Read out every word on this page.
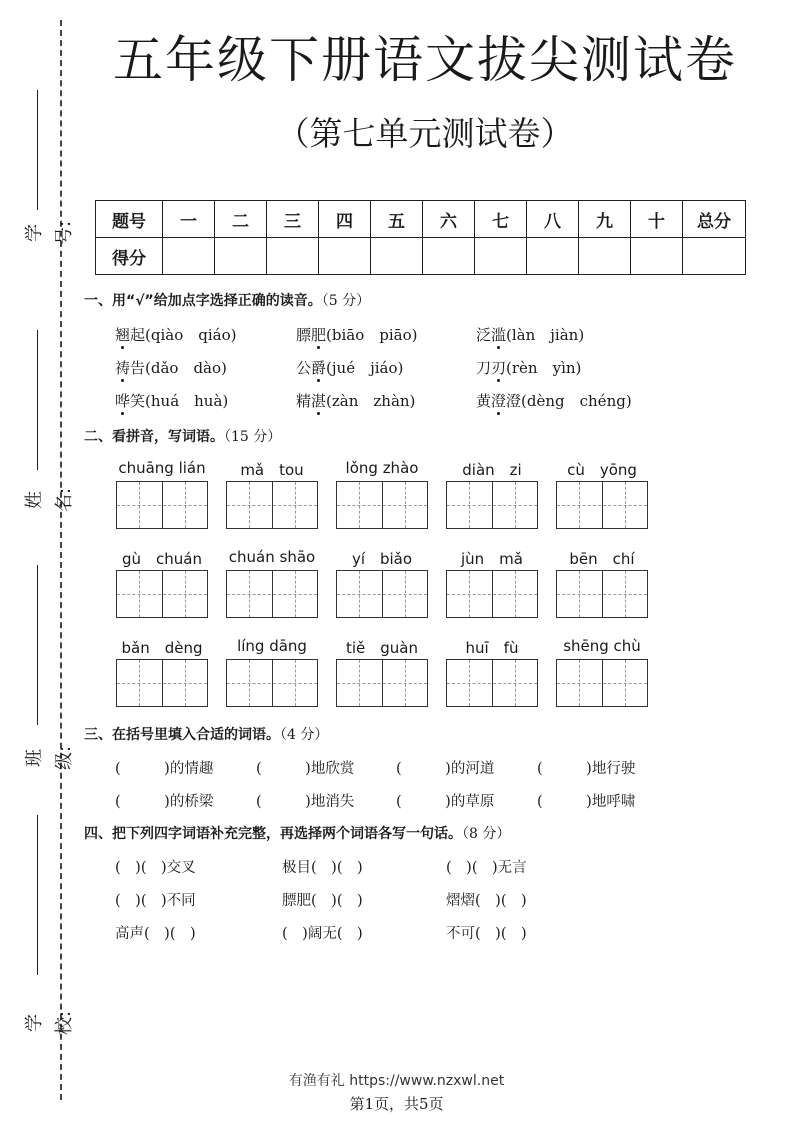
学号:
姓名:
班级:
学校:
五年级下册语文拔尖测试卷
（第七单元测试卷）
题号	一	二	三	四	五	六	七	八	九	十	总分
得分											
一、用“√”给加点字选择正确的读音。（5 分）
翘起(qiào　qiáo)	膘肥(biāo　piāo)	泛滥(làn　jiàn)
祷告(dǎo　dào)	公爵(jué　jiáo)	刀刃(rèn　yìn)
哗笑(huá　huà)	精湛(zàn　zhàn)	黄澄澄(dèng　chéng)
二、看拼音，写词语。（15 分）
chuāng lián	mǎ　tou	lǒng zhào	diàn　zi	cù　yōng
gù　chuán	chuán shāo	yí　biǎo	jùn　mǎ	bēn　chí
bǎn　dèng	líng dāng	tiě　guàn	huī　fù	shēng chù
三、在括号里填入合适的词语。（4 分）
(　　　)的情趣	(　　　)地欣赏	(　　　)的河道	(　　　)地行驶
(　　　)的桥梁	(　　　)地消失	(　　　)的草原	(　　　)地呼啸
四、把下列四字词语补充完整，再选择两个词语各写一句话。（8 分）
(　)(　)交叉	极目(　)(　)	(　)(　)无言
(　)(　)不同	膘肥(　)(　)	熠熠(　)(　)
高声(　)(　)	(　)阔无(　)	不可(　)(　)
有渔有礼 https://www.nzxwl.net
第1页，共5页
